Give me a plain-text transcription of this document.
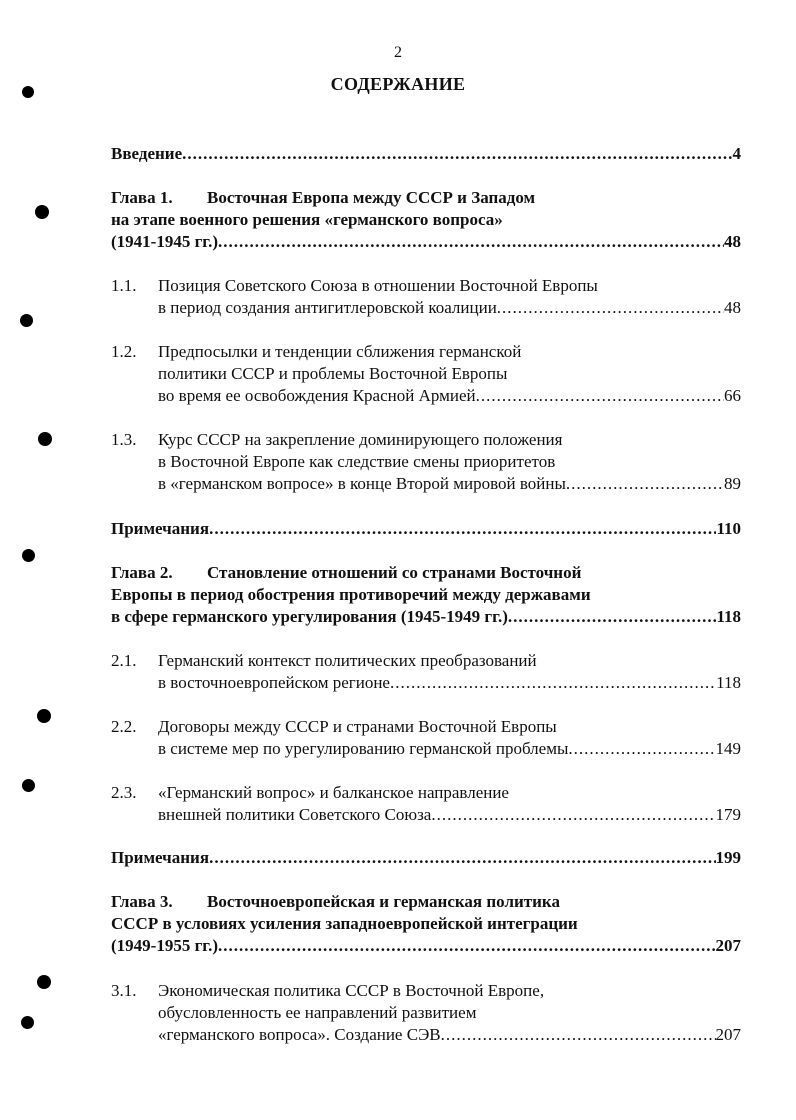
2
СОДЕРЖАНИЕ
Введение .....	4
Глава 1.	Восточная Европа между СССР и Западом
на этапе военного решения «германского вопроса»
(1941-1945 гг.) .....	48
1.1.	Позиция Советского Союза в отношении Восточной Европы
в период создания антигитлеровской коалиции .....	48
1.2.	Предпосылки и тенденции сближения германской
политики СССР и проблемы Восточной Европы
во время ее освобождения Красной Армией .....	66
1.3.	Курс СССР на закрепление доминирующего положения
в Восточной Европе как следствие смены приоритетов
в «германском вопросе» в конце Второй мировой войны .....	89
Примечания .....	110
Глава 2.	Становление отношений со странами Восточной
Европы в период обострения противоречий между державами
в сфере германского урегулирования (1945-1949 гг.) .....	118
2.1.	Германский контекст политических преобразований
в восточноевропейском регионе .....	118
2.2.	Договоры между СССР и странами Восточной Европы
в системе мер по урегулированию германской проблемы .....	149
2.3.	«Германский вопрос» и балканское направление
внешней политики Советского Союза .....	179
Примечания .....	199
Глава 3.	Восточноевропейская и германская политика
СССР в условиях усиления западноевропейской интеграции
(1949-1955 гг.) .....	207
3.1.	Экономическая политика СССР в Восточной Европе,
обусловленность ее направлений развитием
«германского вопроса». Создание СЭВ .....	207
